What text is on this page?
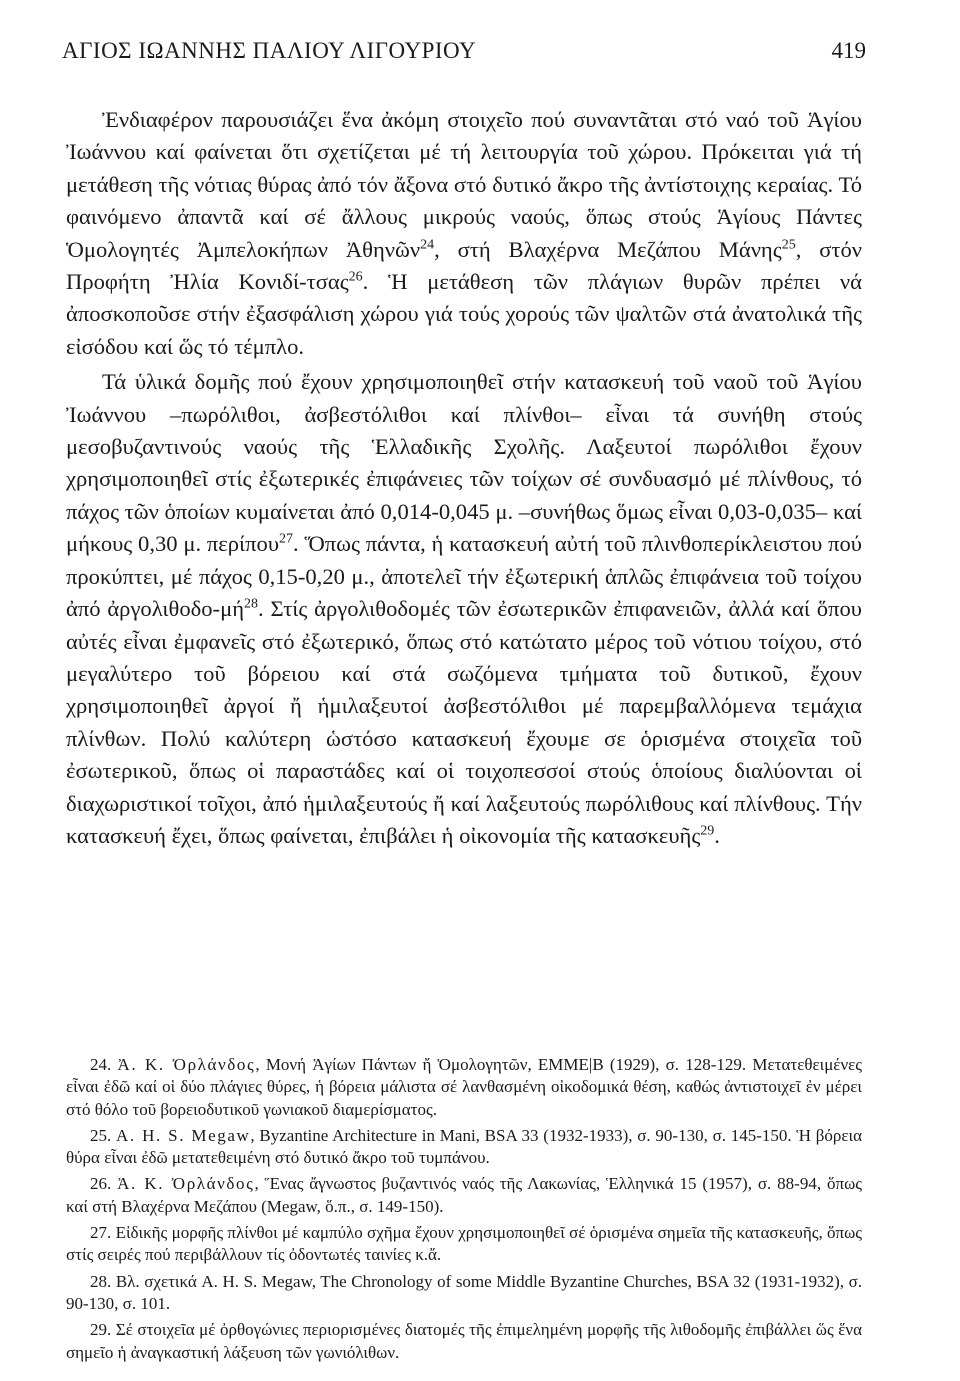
ΑΓΙΟΣ ΙΩΑΝΝΗΣ ΠΑΛΙΟΥ ΛΙΓΟΥΡΙΟΥ	419

Ἐνδιαφέρον παρουσιάζει ἕνα ἀκόμη στοιχεῖο πού συναντᾶται στό ναό τοῦ Ἁγίου Ἰωάννου καί φαίνεται ὅτι σχετίζεται μέ τή λειτουργία τοῦ χώρου. Πρόκειται γιά τή μετάθεση τῆς νότιας θύρας ἀπό τόν ἄξονα στό δυτικό ἄκρο τῆς ἀντίστοιχης κεραίας. Τό φαινόμενο ἀπαντᾶ καί σέ ἄλλους μικρούς ναούς, ὅπως στούς Ἁγίους Πάντες Ὁμολογητές Ἀμπελοκήπων Ἀθηνῶν$^{24}$, στή Βλαχέρνα Μεζάπου Μάνης$^{25}$, στόν Προφήτη Ἠλία Κονιδί-τσας$^{26}$. Ἡ μετάθεση τῶν πλάγιων θυρῶν πρέπει νά ἀποσκοποῦσε στήν ἐξασφάλιση χώρου γιά τούς χορούς τῶν ψαλτῶν στά ἀνατολικά τῆς εἰσόδου καί ὥς τό τέμπλο.

Τά ὑλικά δομῆς πού ἔχουν χρησιμοποιηθεῖ στήν κατασκευή τοῦ ναοῦ τοῦ Ἁγίου Ἰωάννου –πωρόλιθοι, ἀσβεστόλιθοι καί πλίνθοι– εἶναι τά συνήθη στούς μεσοβυζαντινούς ναούς τῆς Ἑλλαδικῆς Σχολῆς. Λαξευτοί πωρόλιθοι ἔχουν χρησιμοποιηθεῖ στίς ἐξωτερικές ἐπιφάνειες τῶν τοίχων σέ συνδυασμό μέ πλίνθους, τό πάχος τῶν ὁποίων κυμαίνεται ἀπό 0,014-0,045 μ. –συνήθως ὅμως εἶναι 0,03-0,035– καί μήκους 0,30 μ. περίπου$^{27}$. Ὅπως πάντα, ἡ κατασκευή αὐτή τοῦ πλινθοπερίκλειστου πού προκύπτει, μέ πάχος 0,15-0,20 μ., ἀποτελεῖ τήν ἐξωτερική ἁπλῶς ἐπιφάνεια τοῦ τοίχου ἀπό ἀργολιθοδο-$\mu ή^{28}$. Στίς ἀργολιθοδομές τῶν ἐσωτερικῶν ἐπιφανειῶν, ἀλλά καί ὅπου αὐτές εἶναι ἐμφανεῖς στό ἐξωτερικό, ὅπως στό κατώτατο μέρος τοῦ νότιου τοίχου, στό μεγαλύτερο τοῦ βόρειου καί στά σωζόμενα τμήματα τοῦ δυτικοῦ, ἔχουν χρησιμοποιηθεῖ ἀργοί ἤ ἡμιλαξευτοί ἀσβεστόλιθοι μέ παρεμβαλλόμενα τεμάχια πλίνθων. Πολύ καλύτερη ὡστόσο κατασκευή ἔχουμε σε ὁρισμένα στοιχεῖα τοῦ ἐσωτερικοῦ, ὅπως οἱ παραστάδες καί οἱ τοιχοπεσσοί στούς ὁποίους διαλύονται οἱ διαχωριστικοί τοῖχοι, ἀπό ἡμιλαξευτούς ἤ καί λαξευτούς πωρόλιθους καί πλίνθους. Τήν κατασκευή ἔχει, ὅπως φαίνεται, ἐπιβάλει ἡ οἰκονομία τῆς κατασκευῆς$^{29}$.

24. Ἀ. Κ. Ὀρλάνδος, Μονή Ἁγίων Πάντων ἤ Ὁμολογητῶν, ΕΜΜΕ|Β (1929), σ. 128-129. Μετατεθειμένες εἶναι ἐδῶ καί οἱ δύο πλάγιες θύρες, ἡ βόρεια μάλιστα σέ λανθασμένη οἰκοδομικά θέση, καθώς ἀντιστοιχεῖ ἐν μέρει στό θόλο τοῦ βορειοδυτικοῦ γωνιακοῦ διαμερίσματος.

25. A. H. S. Megaw, Byzantine Architecture in Mani, BSA 33 (1932-1933), σ. 90-130, σ. 145-150. Ἡ βόρεια θύρα εἶναι ἐδῶ μετατεθειμένη στό δυτικό ἄκρο τοῦ τυμπάνου.

26. Ἀ. Κ. Ὀρλάνδος, Ἕνας ἄγνωστος βυζαντινός ναός τῆς Λακωνίας, Ἑλληνικά 15 (1957), σ. 88-94, ὅπως καί στή Βλαχέρνα Μεζάπου (Megaw, ὅ.π., σ. 149-150).

27. Εἰδικῆς μορφῆς πλίνθοι μέ καμπύλο σχῆμα ἔχουν χρησιμοποιηθεῖ σέ ὁρισμένα σημεῖα τῆς κατασκευῆς, ὅπως στίς σειρές πού περιβάλλουν τίς ὀδοντωτές ταινίες κ.ἄ.

28. Βλ. σχετικά A. H. S. Megaw, The Chronology of some Middle Byzantine Churches, BSA 32 (1931-1932), σ. 90-130, σ. 101.

29. Σέ στοιχεῖα μέ ὀρθογώνιες περιορισμένες διατομές τῆς ἐπιμελημένη μορφῆς τῆς λιθοδομῆς ἐπιβάλλει ὥς ἕνα σημεῖο ἡ ἀναγκαστική λάξευση τῶν γωνιόλιθων.
